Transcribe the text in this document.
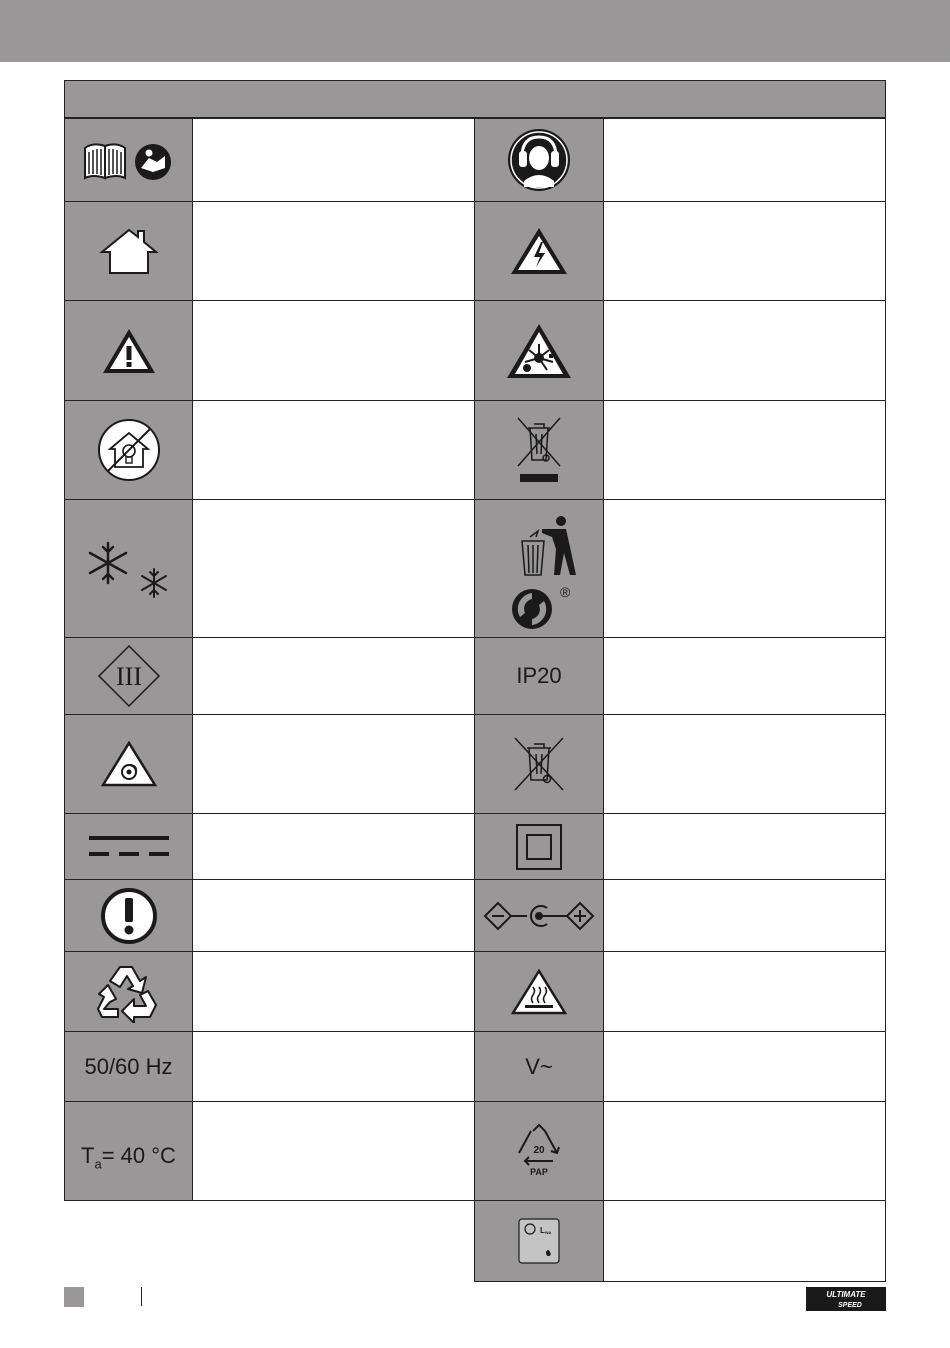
III
50/60 Hz
$T_a= 40$ °C
®
IP20
V~
20
PAP
LWA
ULTIMATE
SPEED
